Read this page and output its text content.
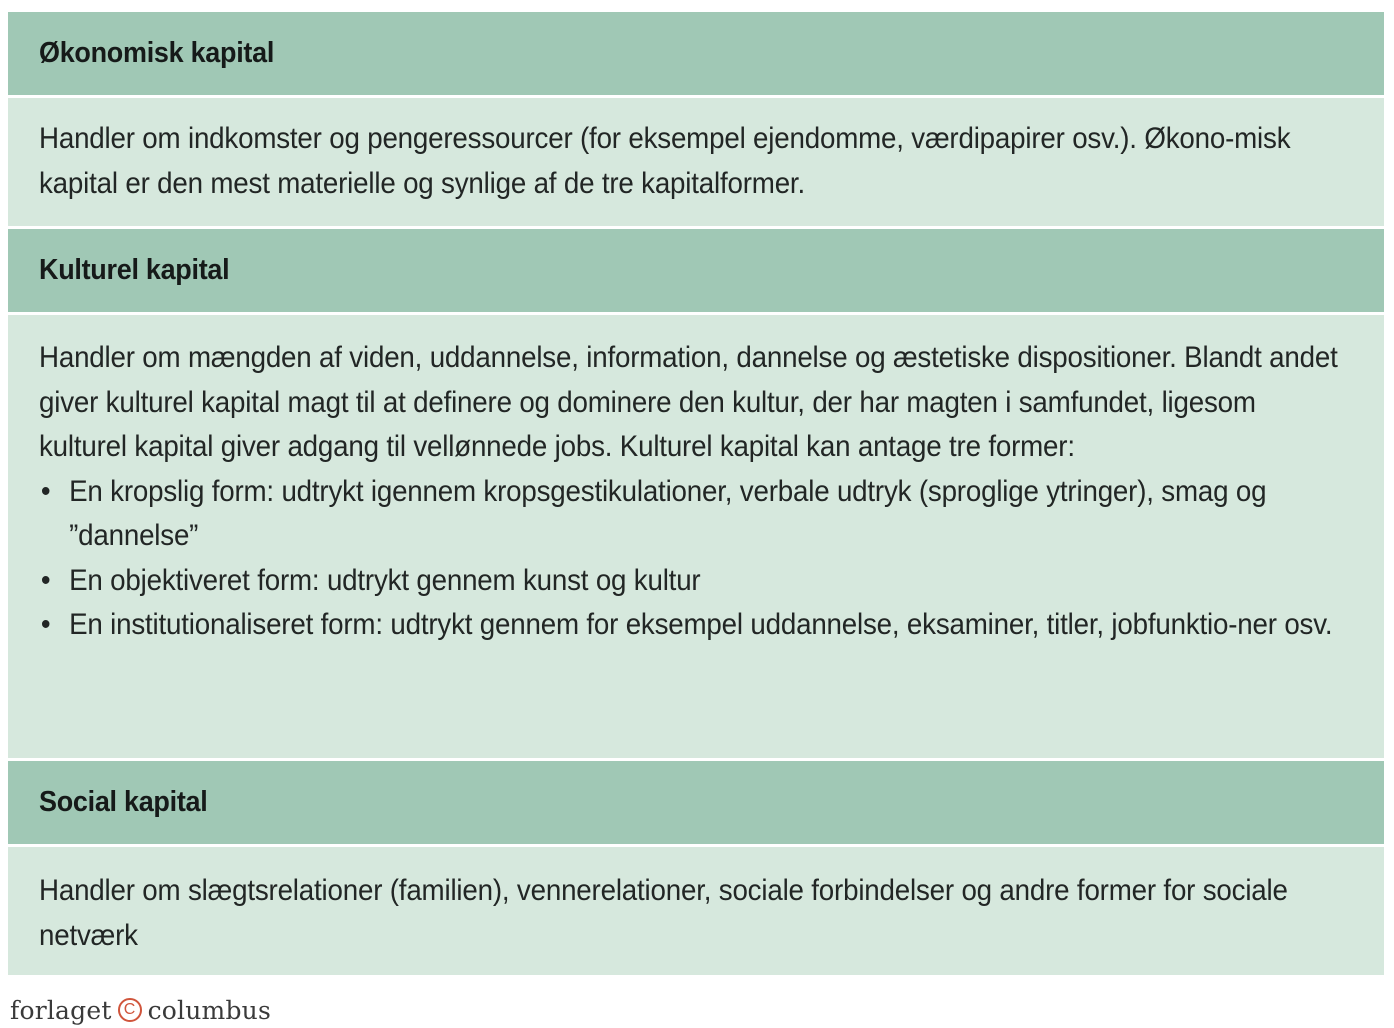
Økonomisk kapital

Handler om indkomster og pengeressourcer (for eksempel ejendomme, værdipapirer osv.). Økono-misk kapital er den mest materielle og synlige af de tre kapitalformer.

Kulturel kapital

Handler om mængden af viden, uddannelse, information, dannelse og æstetiske dispositioner. Blandt andet giver kulturel kapital magt til at definere og dominere den kultur, der har magten i samfundet, ligesom kulturel kapital giver adgang til vellønnede jobs. Kulturel kapital kan antage tre former:

• En kropslig form: udtrykt igennem kropsgestikulationer, verbale udtryk (sproglige ytringer), smag og ”dannelse”
• En objektiveret form: udtrykt gennem kunst og kultur
• En institutionaliseret form: udtrykt gennem for eksempel uddannelse, eksaminer, titler, jobfunktio-ner osv.
Social kapital

Handler om slægtsrelationer (familien), vennerelationer, sociale forbindelser og andre former for sociale netværk

forlaget C columbus
